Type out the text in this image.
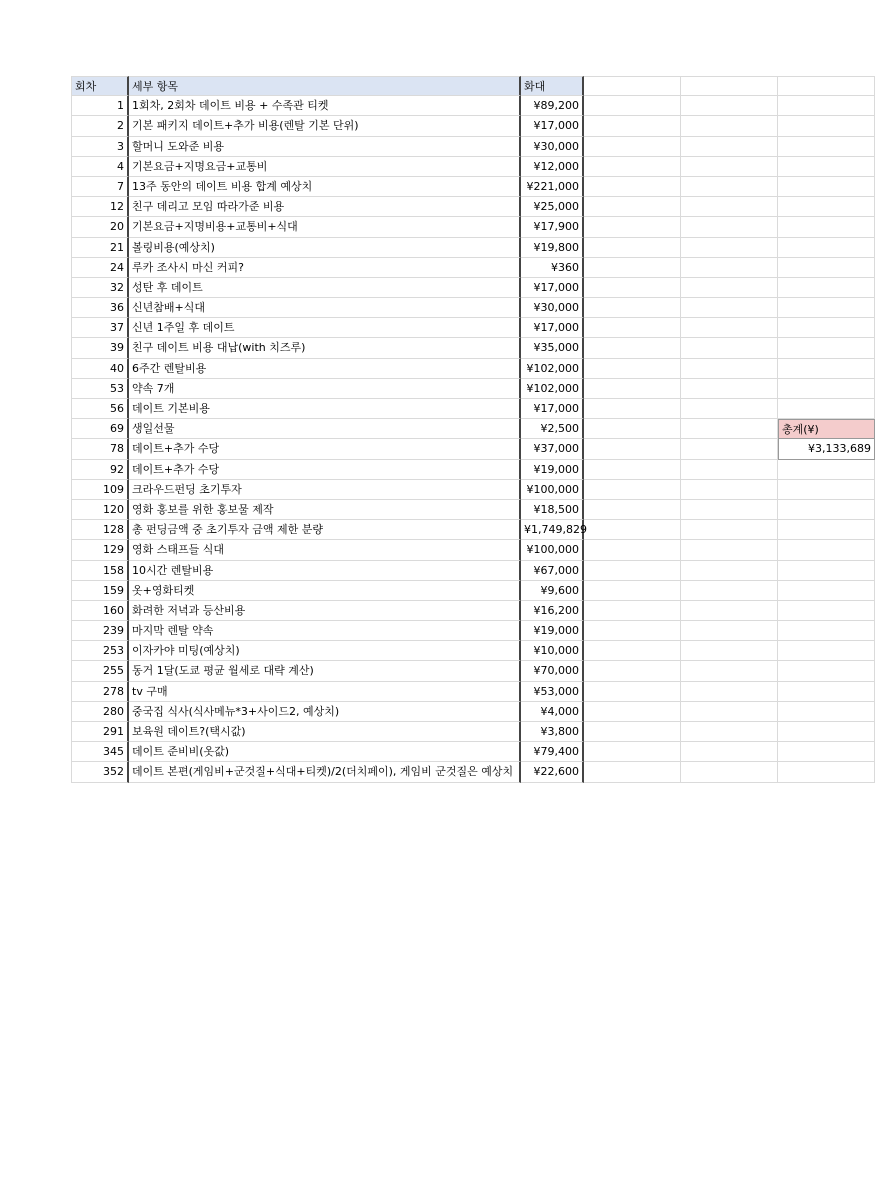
회차	세부 항목	화대
1 1회차, 2회차 데이트 비용 + 수족관 티켓	¥89,200
2 기본 패키지 데이트+추가 비용(렌탈 기본 단위)	¥17,000
3 할머니 도와준 비용	¥30,000
4 기본요금+지명요금+교통비	¥12,000
7 13주 동안의 데이트 비용 합계 예상치	¥221,000
12 친구 데리고 모임 따라가준 비용	¥25,000
20 기본요금+지명비용+교통비+식대	¥17,900
21 볼링비용(예상치)	¥19,800
24 루카 조사시 마신 커피?	¥360
32 성탄 후 데이트	¥17,000
36 신년참배+식대	¥30,000
37 신년 1주일 후 데이트	¥17,000
39 친구 데이트 비용 대납(with 치즈루)	¥35,000
40 6주간 렌탈비용	¥102,000
53 약속 7개	¥102,000
56 데이트 기본비용	¥17,000
69 생일선물	¥2,500	총계(¥)
78 데이트+추가 수당	¥37,000	¥3,133,689
92 데이트+추가 수당	¥19,000
109 크라우드펀딩 초기투자	¥100,000
120 영화 홍보를 위한 홍보물 제작	¥18,500
128 총 펀딩금액 중 초기투자 금액 제한 분량	¥1,749,829
129 영화 스태프들 식대	¥100,000
158 10시간 렌탈비용	¥67,000
159 옷+영화티켓	¥9,600
160 화려한 저녁과 등산비용	¥16,200
239 마지막 렌탈 약속	¥19,000
253 이자카야 미팅(예상치)	¥10,000
255 동거 1달(도쿄 평균 월세로 대략 계산)	¥70,000
278 tv 구매	¥53,000
280 중국집 식사(식사메뉴*3+사이드2, 예상치)	¥4,000
291 보육원 데이트?(택시값)	¥3,800
345 데이트 준비비(옷값)	¥79,400
352 데이트 본편(게임비+군것질+식대+티켓)/2(더치페이), 게임비 군것질은 예상치	¥22,600
